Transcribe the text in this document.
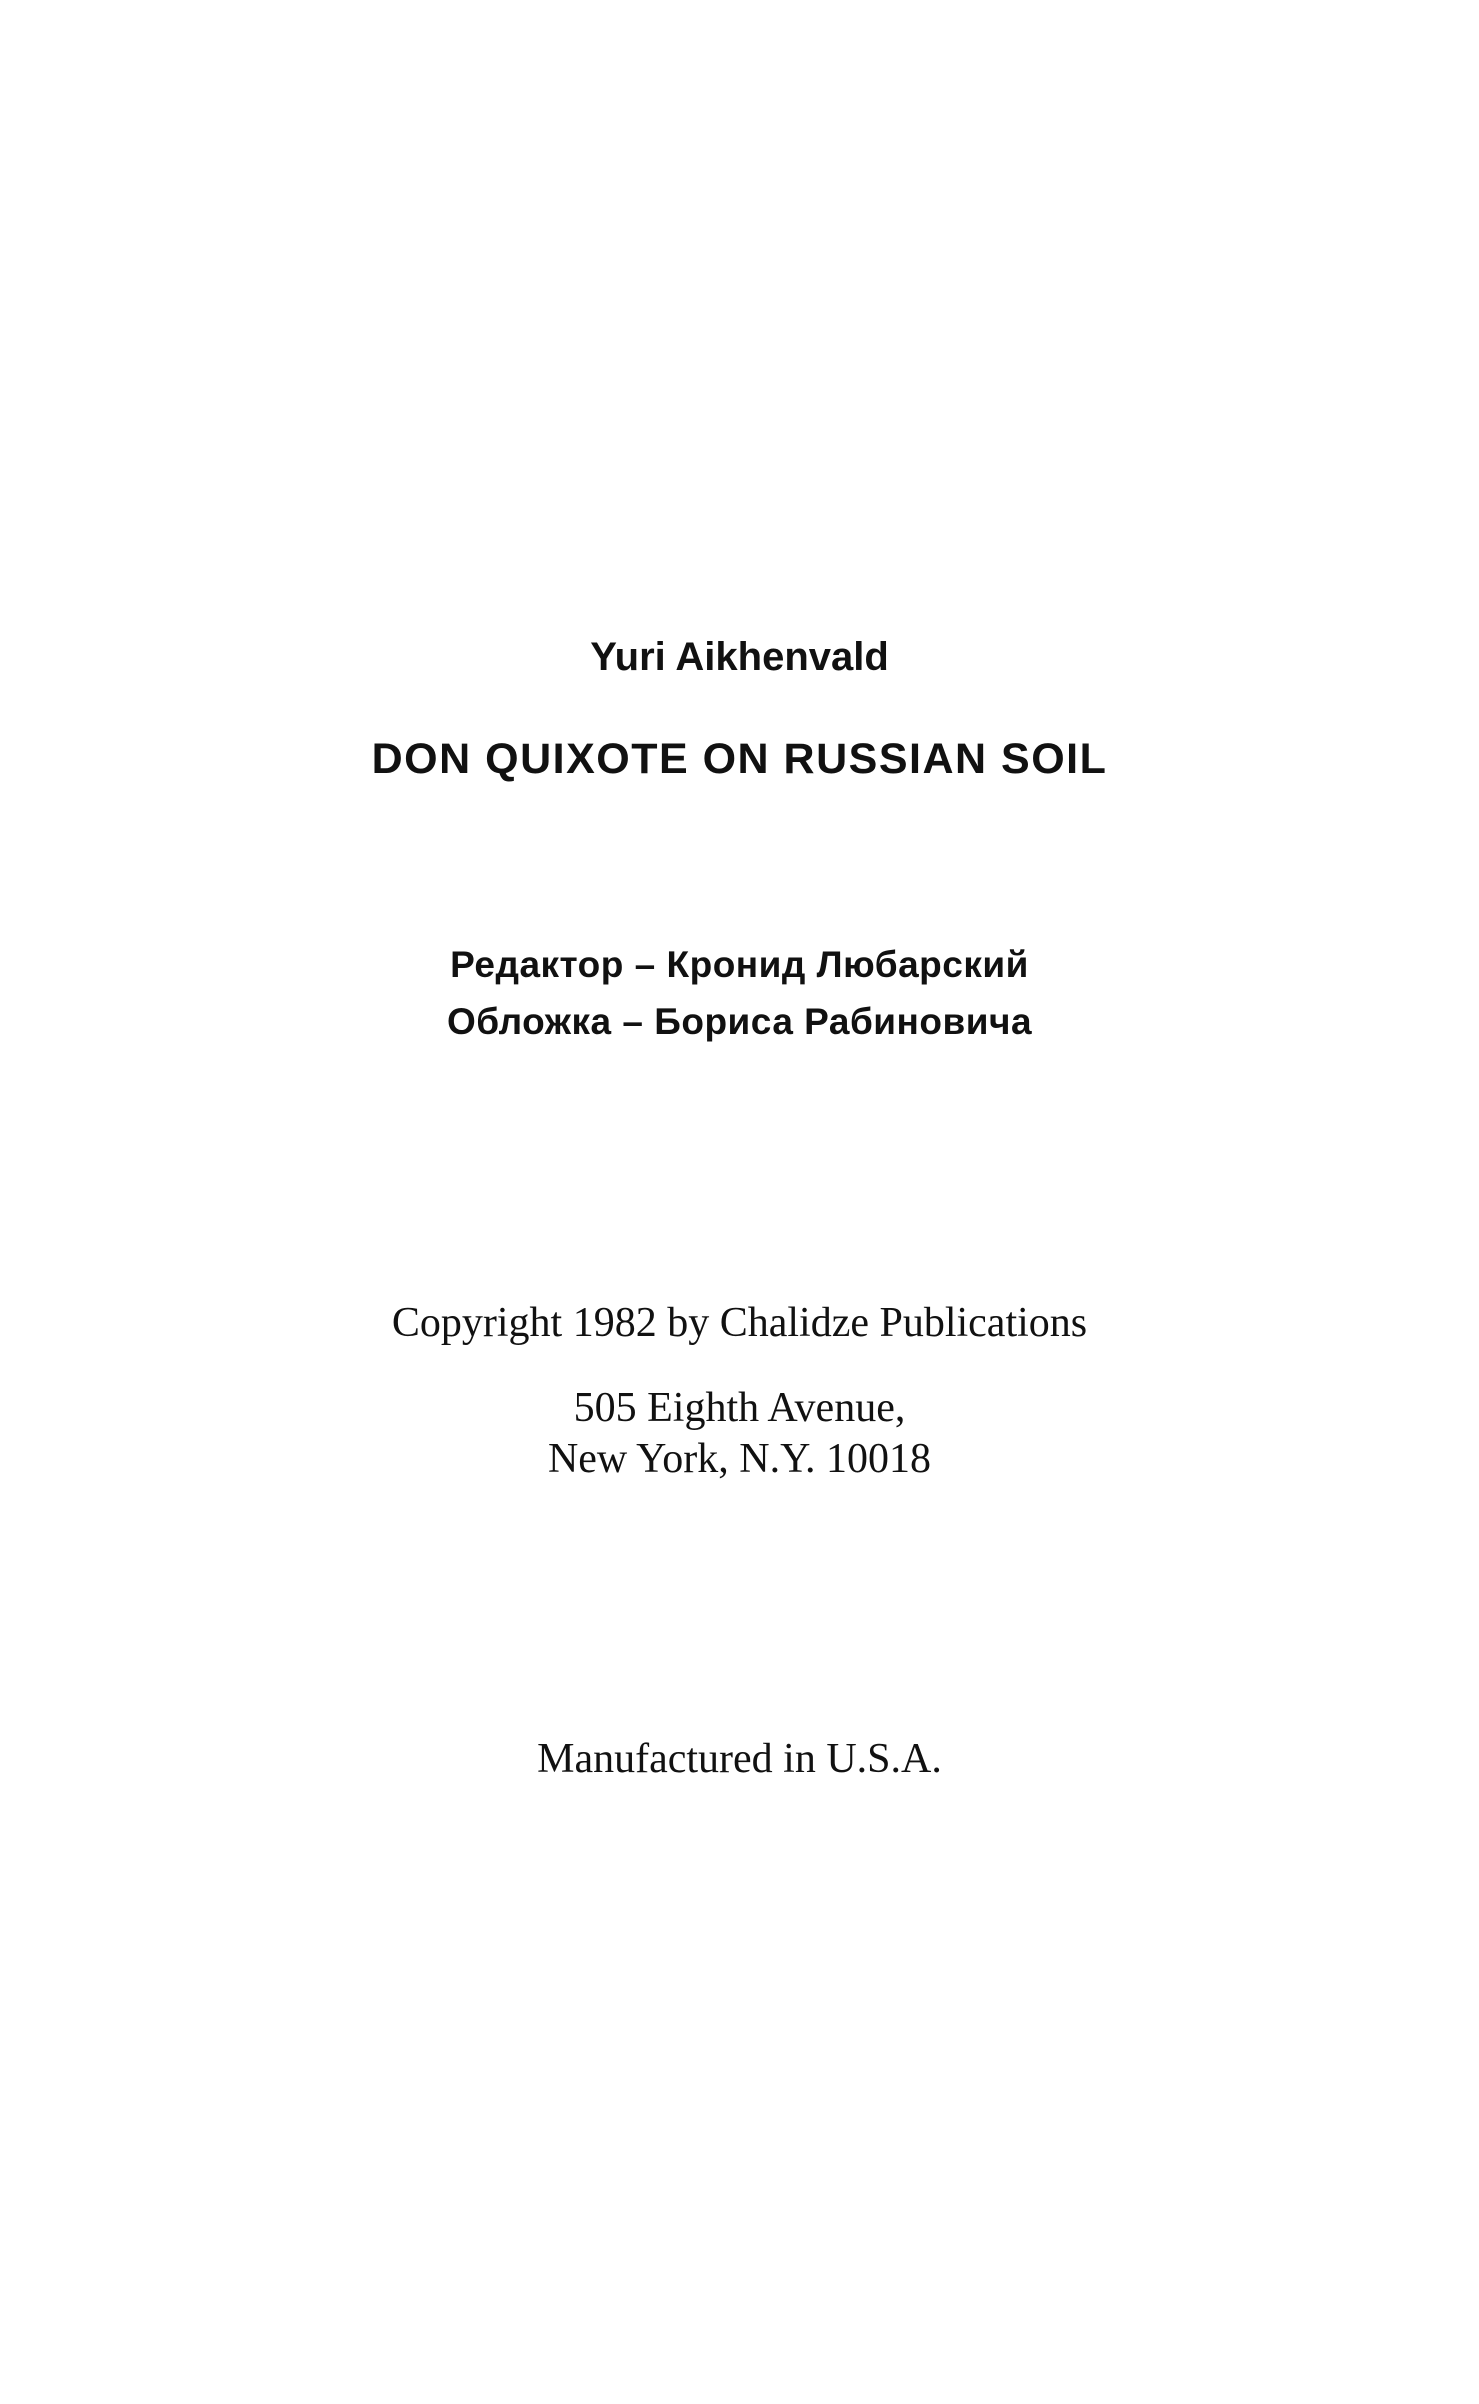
Yuri Aikhenvald
DON QUIXOTE ON RUSSIAN SOIL
Редактор – Кронид Любарский
Обложка – Бориса Рабиновича
Copyright 1982 by Chalidze Publications
505 Eighth Avenue,
New York, N.Y. 10018
Manufactured in U.S.A.
